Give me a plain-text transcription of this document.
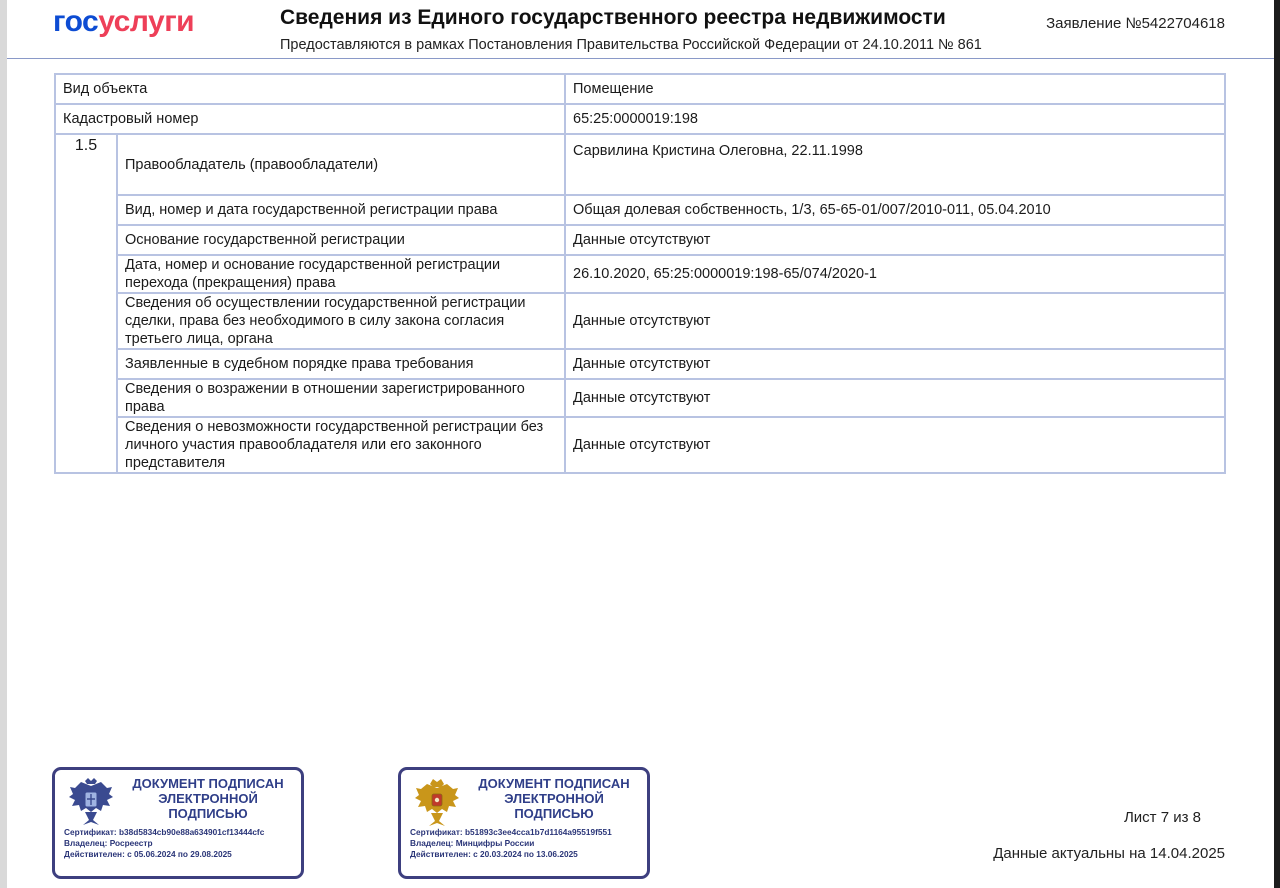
госуслуги	Сведения из Единого государственного реестра недвижимости
Предоставляются в рамках Постановления Правительства Российской Федерации от 24.10.2011 № 861
Заявление №5422704618
Вид объекта		Помещение
Кадастровый номер		65:25:0000019:198
1.5	Правообладатель (правообладатели)	Сарвилина Кристина Олеговна, 22.11.1998
	Вид, номер и дата государственной регистрации права	Общая долевая собственность, 1/3, 65-65-01/007/2010-011, 05.04.2010
	Основание государственной регистрации	Данные отсутствуют
	Дата, номер и основание государственной регистрации перехода (прекращения) права	26.10.2020, 65:25:0000019:198-65/074/2020-1
	Сведения об осуществлении государственной регистрации сделки, права без необходимого в силу закона согласия третьего лица, органа	Данные отсутствуют
	Заявленные в судебном порядке права требования	Данные отсутствуют
	Сведения о возражении в отношении зарегистрированного права	Данные отсутствуют
	Сведения о невозможности государственной регистрации без личного участия правообладателя или его законного представителя	Данные отсутствуют
ДОКУМЕНТ ПОДПИСАН ЭЛЕКТРОННОЙ ПОДПИСЬЮ
Сертификат: b38d5834cb90e88a634901cf13444cfc
Владелец: Росреестр
Действителен: с 05.06.2024 по 29.08.2025
ДОКУМЕНТ ПОДПИСАН ЭЛЕКТРОННОЙ ПОДПИСЬЮ
Сертификат: b51893c3ee4cca1b7d1164a95519f551
Владелец: Минцифры России
Действителен: с 20.03.2024 по 13.06.2025
Лист 7 из 8
Данные актуальны на 14.04.2025
